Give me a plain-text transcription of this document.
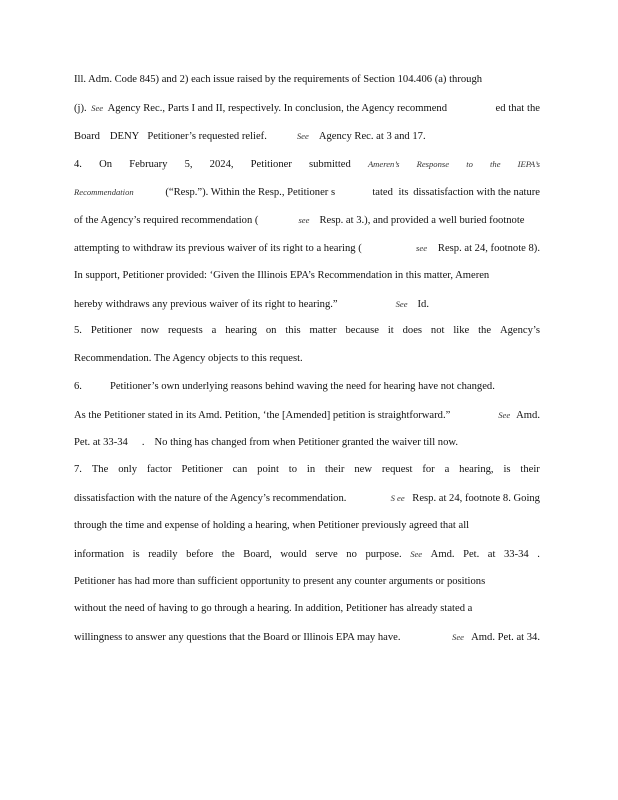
Ill. Adm. Code 845) and 2) each issue raised by the requirements of Section 104.406 (a) through
(j). See Agency Rec., Parts I and II, respectively. In conclusion, the Agency recommend	ed that the
Board DENY Petitioner’s requested relief.	See Agency Rec. at 3 and 17.
4. On February 5, 2024, Petitioner submitted Ameren’s Response to the IEPA’s
Recommendation	(“Resp.”). Within the Resp., Petitioner s	tated its dissatisfaction with the nature
of the Agency’s required recommendation (	see Resp. at 3.), and provided a well buried footnote
attempting to withdraw its previous waiver of its right to a hearing (	see Resp. at 24, footnote 8).
In support, Petitioner provided: ‘Given the Illinois EPA’s Recommendation in this matter, Ameren
hereby withdraws any previous waiver of its right to hearing.”	See Id.
5. Petitioner now requests a hearing on this matter because it does not like the Agency’s
Recommendation. The Agency objects to this request.
6.	Petitioner’s own underlying reasons behind waving the need for hearing have not changed.
As the Petitioner stated in its Amd. Petition, ‘the [Amended] petition is straightforward.”	See Amd.
Pet. at 33-34 . No thing has changed from when Petitioner granted the waiver till now.
7. The only factor Petitioner can point to in their new request for a hearing, is their
dissatisfaction with the nature of the Agency’s recommendation.	S ee Resp. at 24, footnote 8. Going
through the time and expense of holding a hearing, when Petitioner previously agreed that all
information is readily before the Board, would serve no purpose. See Amd. Pet. at 33-34 .
Petitioner has had more than sufficient opportunity to present any counter arguments or positions
without the need of having to go through a hearing. In addition, Petitioner has already stated a
willingness to answer any questions that the Board or Illinois EPA may have.	See Amd. Pet. at 34.
